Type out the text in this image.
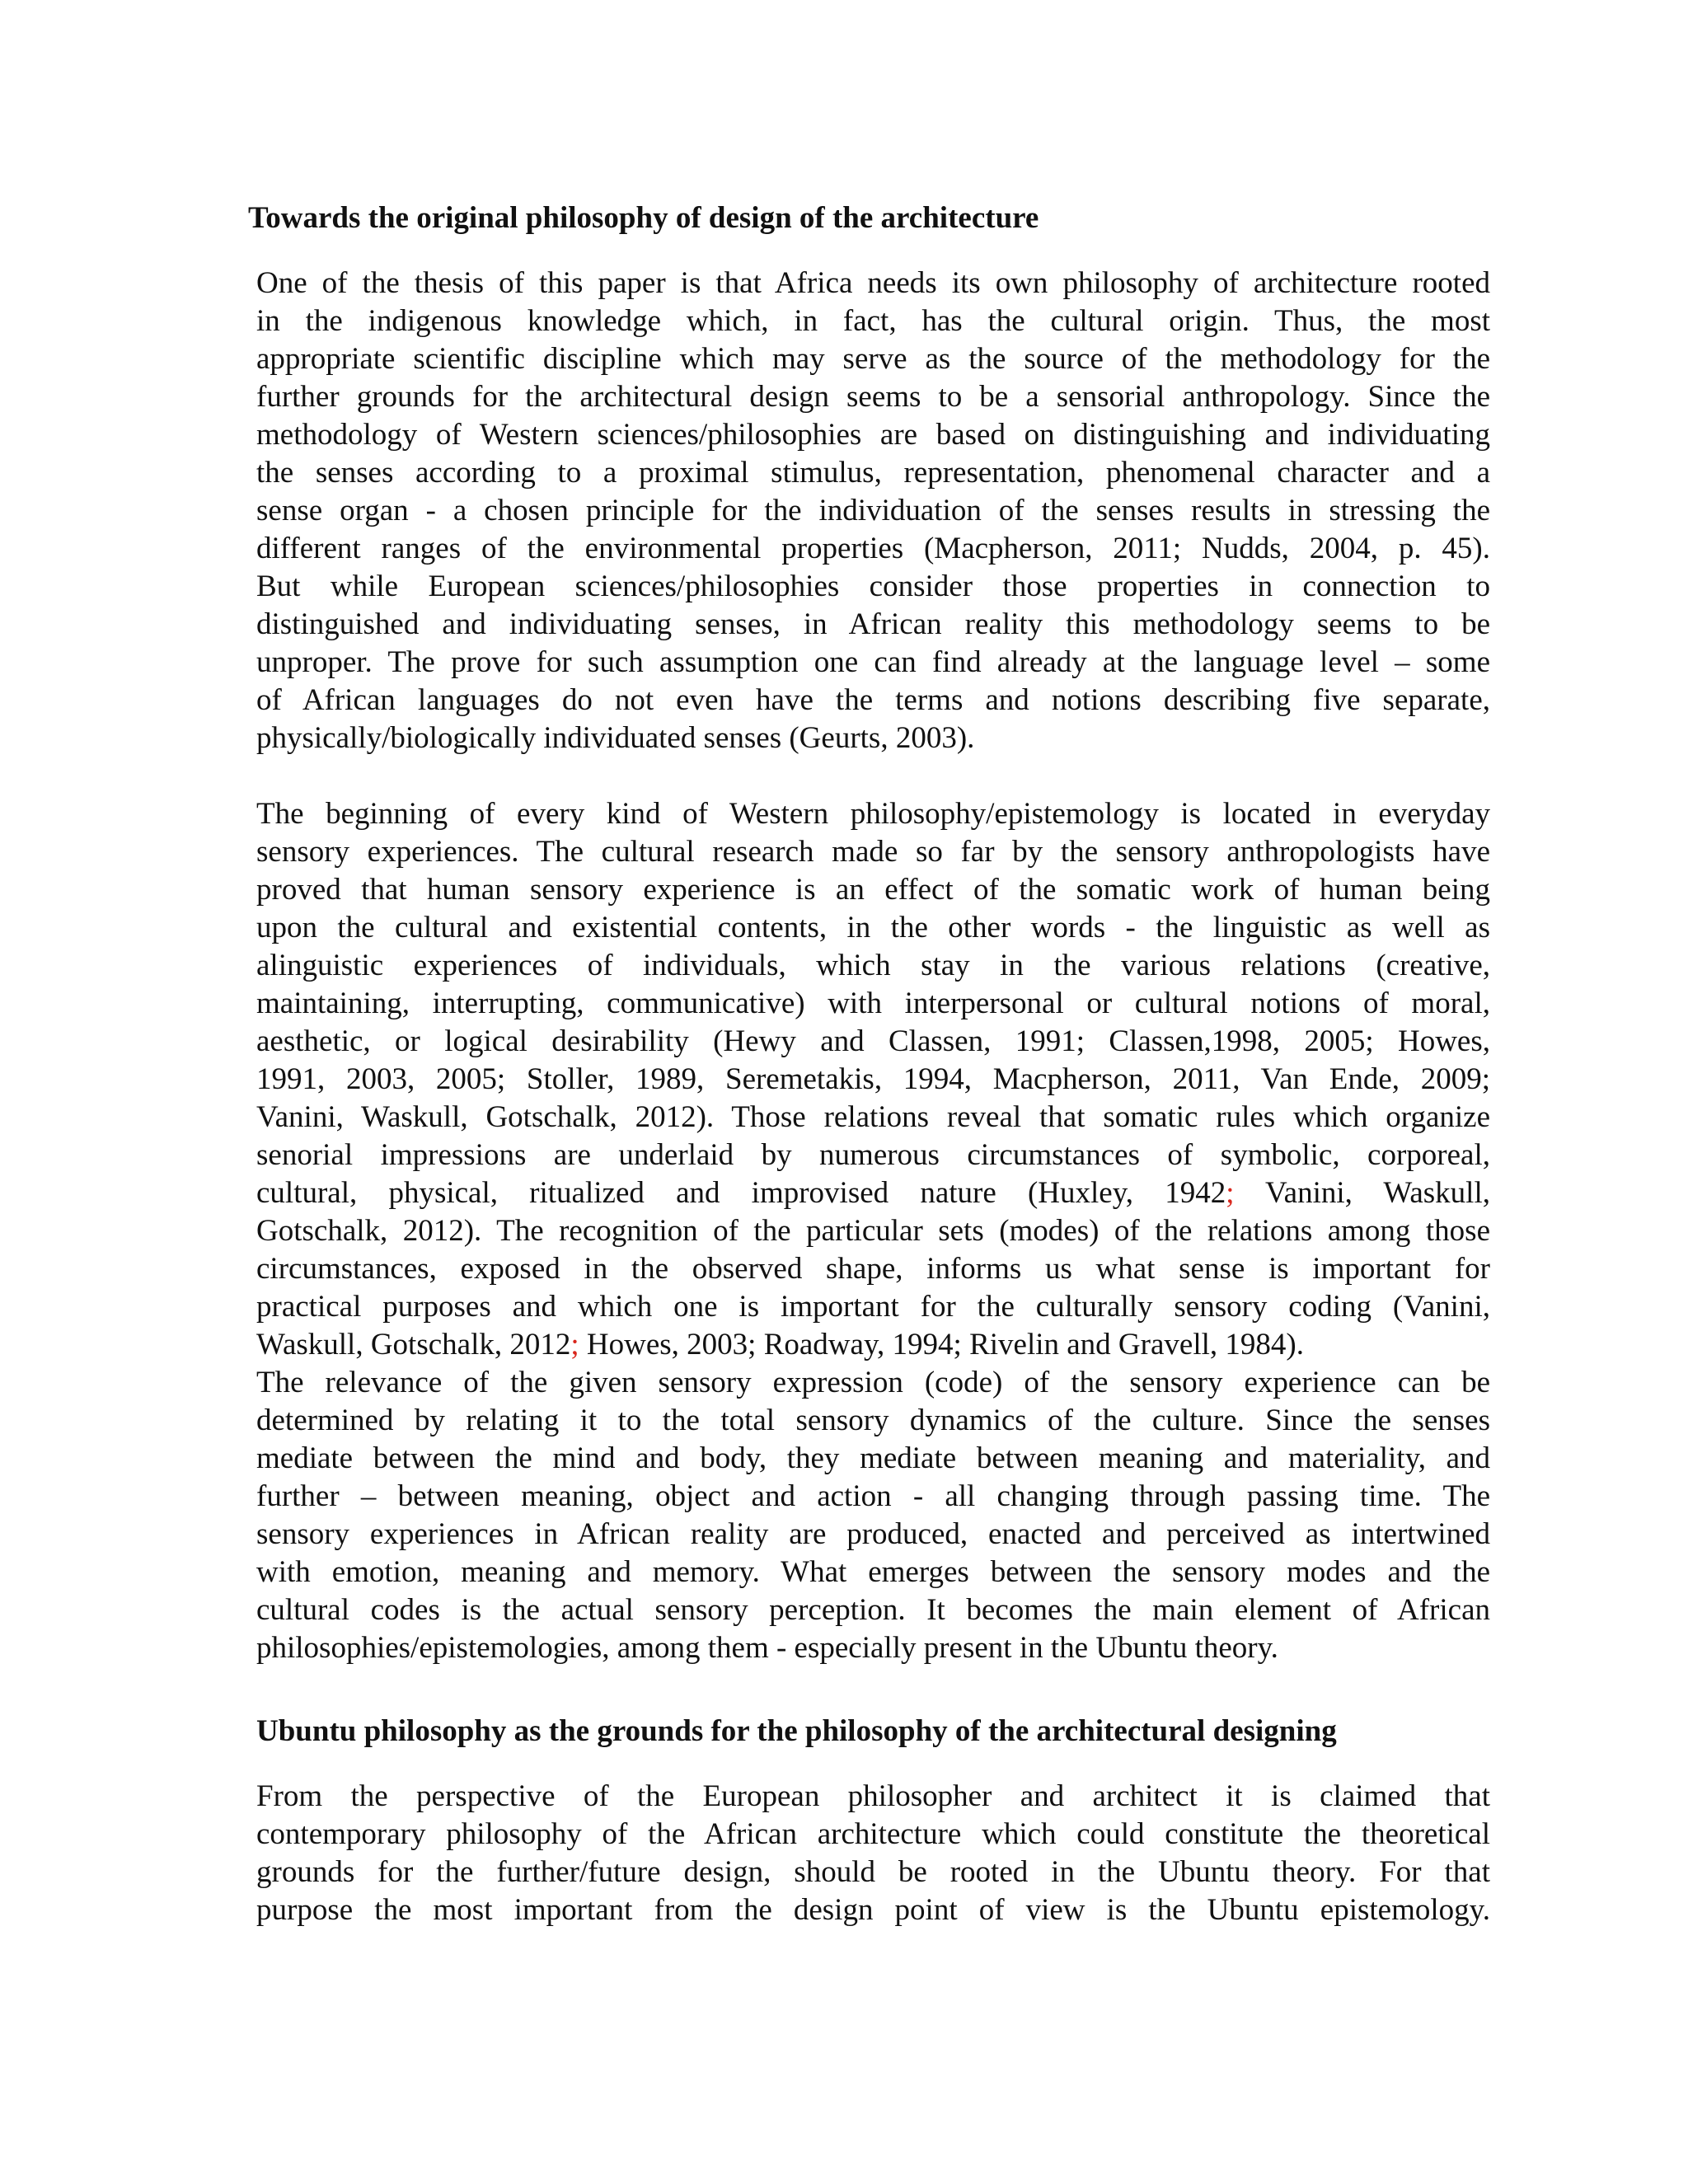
Towards the original philosophy of design of the architecture
One of the thesis of this paper is that Africa needs its own philosophy of architecture rooted
in the indigenous knowledge which, in fact, has the cultural origin. Thus, the most
appropriate scientific discipline which may serve as the source of the methodology for the
further grounds for the architectural design seems to be a sensorial anthropology. Since the
methodology of Western sciences/philosophies are based on distinguishing and individuating
the senses according to a proximal stimulus, representation, phenomenal character and a
sense organ - a chosen principle for the individuation of the senses results in stressing the
different ranges of the environmental properties (Macpherson, 2011; Nudds, 2004, p. 45).
But while European sciences/philosophies consider those properties in connection to
distinguished and individuating senses, in African reality this methodology seems to be
unproper. The prove for such assumption one can find already at the language level – some
of African languages do not even have the terms and notions describing five separate,
physically/biologically individuated senses (Geurts, 2003).
The beginning of every kind of Western philosophy/epistemology is located in everyday
sensory experiences. The cultural research made so far by the sensory anthropologists have
proved that human sensory experience is an effect of the somatic work of human being
upon the cultural and existential contents, in the other words - the linguistic as well as
alinguistic experiences of individuals, which stay in the various relations (creative,
maintaining, interrupting, communicative) with interpersonal or cultural notions of moral,
aesthetic, or logical desirability (Hewy and Classen, 1991; Classen,1998, 2005; Howes,
1991, 2003, 2005; Stoller, 1989, Seremetakis, 1994, Macpherson, 2011, Van Ende, 2009;
Vanini, Waskull, Gotschalk, 2012). Those relations reveal that somatic rules which organize
senorial impressions are underlaid by numerous circumstances of symbolic, corporeal,
cultural, physical, ritualized and improvised nature (Huxley, 1942; Vanini, Waskull,
Gotschalk, 2012). The recognition of the particular sets (modes) of the relations among those
circumstances, exposed in the observed shape, informs us what sense is important for
practical purposes and which one is important for the culturally sensory coding (Vanini,
Waskull, Gotschalk, 2012; Howes, 2003; Roadway, 1994; Rivelin and Gravell, 1984).
The relevance of the given sensory expression (code) of the sensory experience can be
determined by relating it to the total sensory dynamics of the culture. Since the senses
mediate between the mind and body, they mediate between meaning and materiality, and
further – between meaning, object and action - all changing through passing time. The
sensory experiences in African reality are produced, enacted and perceived as intertwined
with emotion, meaning and memory. What emerges between the sensory modes and the
cultural codes is the actual sensory perception. It becomes the main element of African
philosophies/epistemologies, among them - especially present in the Ubuntu theory.
Ubuntu philosophy as the grounds for the philosophy of the architectural designing
From the perspective of the European philosopher and architect it is claimed that
contemporary philosophy of the African architecture which could constitute the theoretical
grounds for the further/future design, should be rooted in the Ubuntu theory. For that
purpose the most important from the design point of view is the Ubuntu epistemology.
